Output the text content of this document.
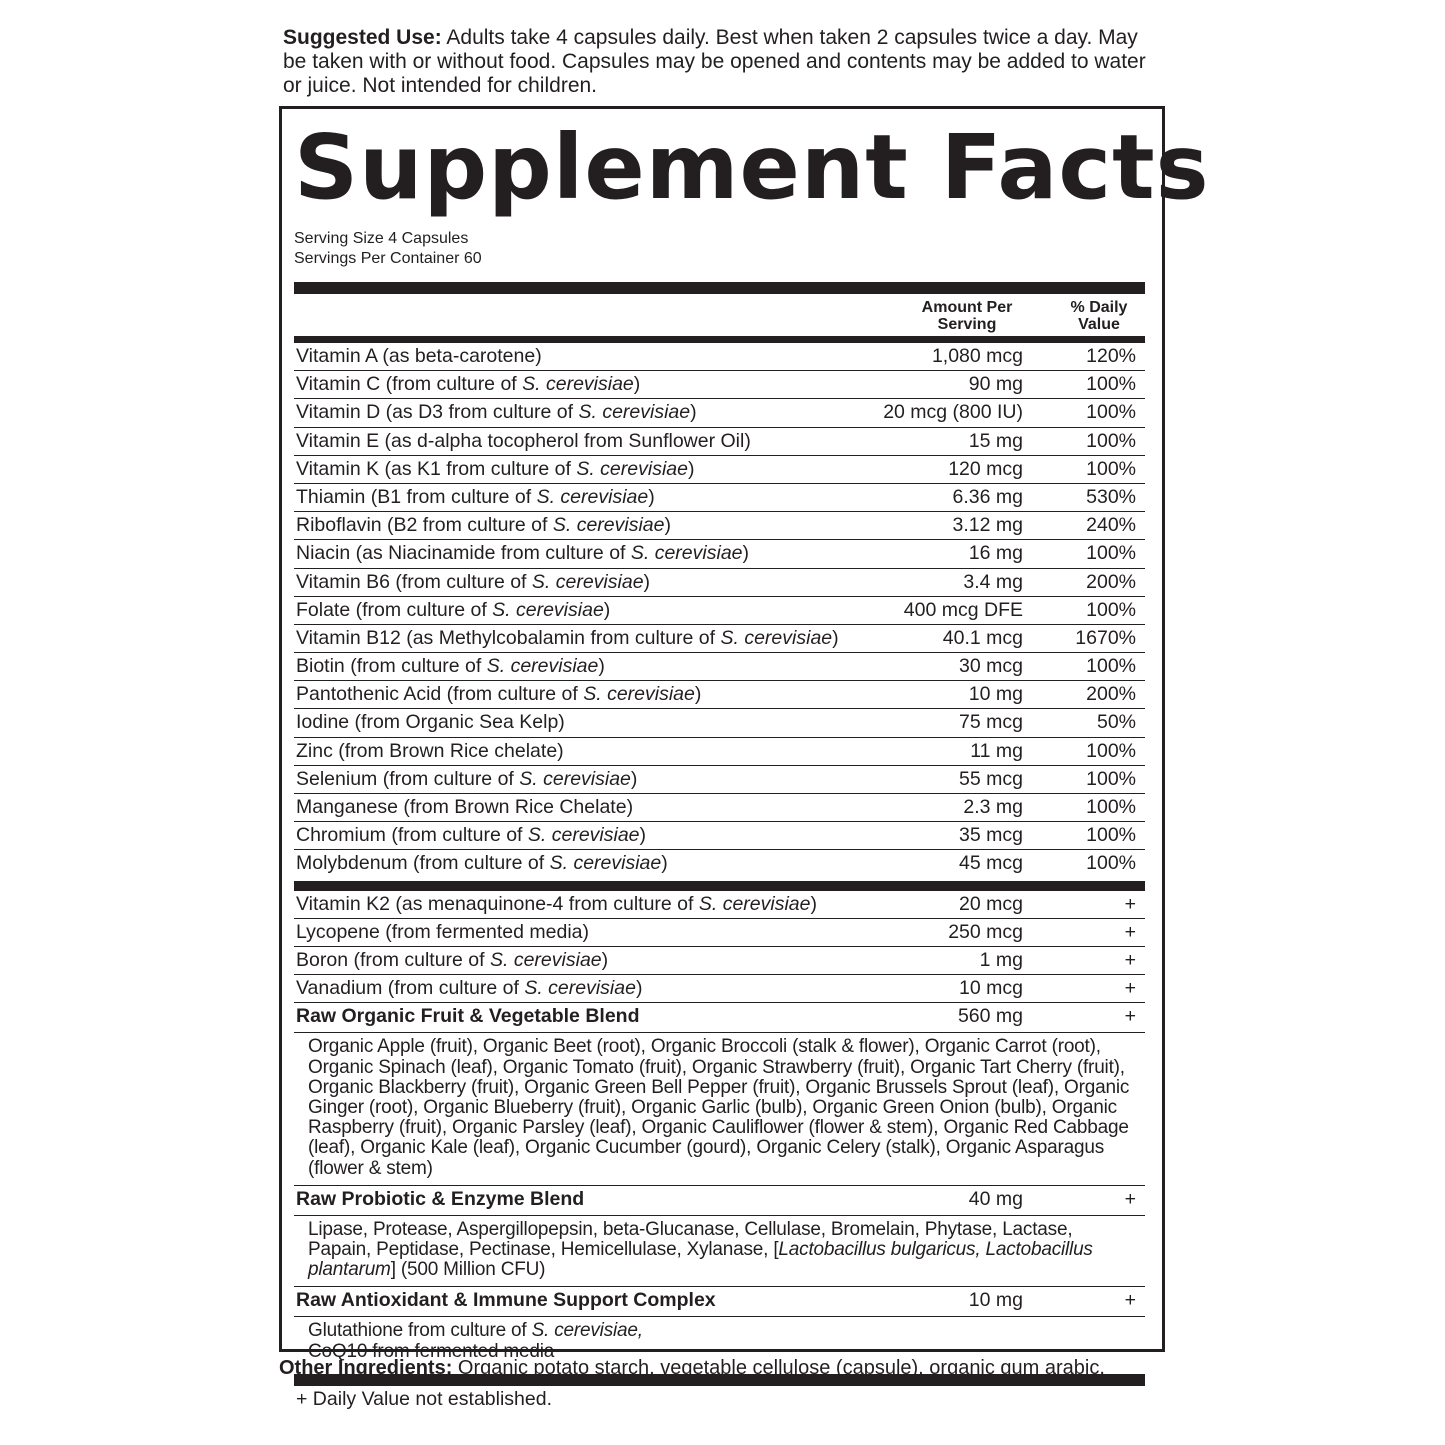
Suggested Use: Adults take 4 capsules daily. Best when taken 2 capsules twice a day. May be taken with or without food. Capsules may be opened and contents may be added to water or juice. Not intended for children.
Supplement Facts
Serving Size 4 Capsules
Servings Per Container 60
Amount Per Serving
% Daily Value
Vitamin A (as beta-carotene)	1,080 mcg	120%
Vitamin C (from culture of S. cerevisiae)	90 mg	100%
Vitamin D (as D3 from culture of S. cerevisiae)	20 mcg (800 IU)	100%
Vitamin E (as d-alpha tocopherol from Sunflower Oil)	15 mg	100%
Vitamin K (as K1 from culture of S. cerevisiae)	120 mcg	100%
Thiamin (B1 from culture of S. cerevisiae)	6.36 mg	530%
Riboflavin (B2 from culture of S. cerevisiae)	3.12 mg	240%
Niacin (as Niacinamide from culture of S. cerevisiae)	16 mg	100%
Vitamin B6 (from culture of S. cerevisiae)	3.4 mg	200%
Folate (from culture of S. cerevisiae)	400 mcg DFE	100%
Vitamin B12 (as Methylcobalamin from culture of S. cerevisiae)	40.1 mcg	1670%
Biotin (from culture of S. cerevisiae)	30 mcg	100%
Pantothenic Acid (from culture of S. cerevisiae)	10 mg	200%
Iodine (from Organic Sea Kelp)	75 mcg	50%
Zinc (from Brown Rice chelate)	11 mg	100%
Selenium (from culture of S. cerevisiae)	55 mcg	100%
Manganese (from Brown Rice Chelate)	2.3 mg	100%
Chromium (from culture of S. cerevisiae)	35 mcg	100%
Molybdenum (from culture of S. cerevisiae)	45 mcg	100%
Vitamin K2 (as menaquinone-4 from culture of S. cerevisiae)	20 mcg	+
Lycopene (from fermented media)	250 mcg	+
Boron (from culture of S. cerevisiae)	1 mg	+
Vanadium (from culture of S. cerevisiae)	10 mcg	+
Raw Organic Fruit & Vegetable Blend	560 mg	+
Organic Apple (fruit), Organic Beet (root), Organic Broccoli (stalk & flower), Organic Carrot (root), Organic Spinach (leaf), Organic Tomato (fruit), Organic Strawberry (fruit), Organic Tart Cherry (fruit), Organic Blackberry (fruit), Organic Green Bell Pepper (fruit), Organic Brussels Sprout (leaf), Organic Ginger (root), Organic Blueberry (fruit), Organic Garlic (bulb), Organic Green Onion (bulb), Organic Raspberry (fruit), Organic Parsley (leaf), Organic Cauliflower (flower & stem), Organic Red Cabbage (leaf), Organic Kale (leaf), Organic Cucumber (gourd), Organic Celery (stalk), Organic Asparagus (flower & stem)
Raw Probiotic & Enzyme Blend	40 mg	+
Lipase, Protease, Aspergillopepsin, beta-Glucanase, Cellulase, Bromelain, Phytase, Lactase, Papain, Peptidase, Pectinase, Hemicellulase, Xylanase, [Lactobacillus bulgaricus, Lactobacillus plantarum] (500 Million CFU)
Raw Antioxidant & Immune Support Complex	10 mg	+
Glutathione from culture of S. cerevisiae,
CoQ10 from fermented media
+ Daily Value not established.
Other Ingredients: Organic potato starch, vegetable cellulose (capsule), organic gum arabic.
